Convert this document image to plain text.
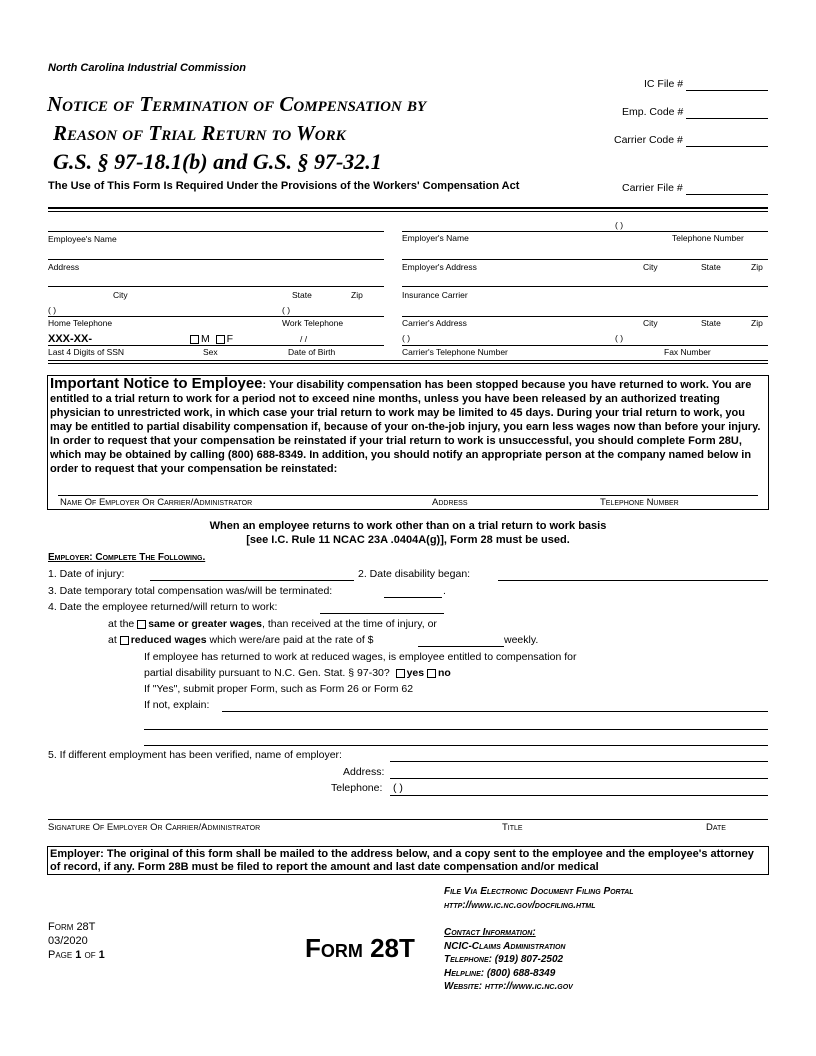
North Carolina Industrial Commission
Notice of Termination of Compensation by
Reason of Trial Return to Work
G.S. § 97-18.1(b) and G.S. § 97-32.1
The Use of This Form Is Required Under the Provisions of the Workers' Compensation Act
IC File #
Emp. Code #
Carrier Code #
Carrier File #
Employee's Name
Address
City	State	Zip
( )	( )
Home Telephone	Work Telephone
XXX-XX-	M F	/ /
Last 4 Digits of SSN	Sex	Date of Birth
( )
Employer's Name	Telephone Number
Employer's Address	City	State	Zip
Insurance Carrier
Carrier's Address	City	State	Zip
( )	( )
Carrier's Telephone Number	Fax Number
Important Notice to Employee: Your disability compensation has been stopped because you have returned to work. You are entitled to a trial return to work for a period not to exceed nine months, unless you have been released by an authorized treating physician to unrestricted work, in which case your trial return to work may be limited to 45 days. During your trial return to work, you may be entitled to partial disability compensation if, because of your on-the-job injury, you earn less wages now than before your injury. In order to request that your compensation be reinstated if your trial return to work is unsuccessful, you should complete Form 28U, which may be obtained by calling (800) 688-8349. In addition, you should notify an appropriate person at the company named below in order to request that your compensation be reinstated:
Name Of Employer Or Carrier/Administrator	Address	Telephone Number
When an employee returns to work other than on a trial return to work basis
[see I.C. Rule 11 NCAC 23A .0404A(g)], Form 28 must be used.
Employer: Complete The Following.
1. Date of injury:	2. Date disability began:
3. Date temporary total compensation was/will be terminated:	.
4. Date the employee returned/will return to work:
at the same or greater wages, than received at the time of injury, or
at reduced wages which were/are paid at the rate of $	weekly.
If employee has returned to work at reduced wages, is employee entitled to compensation for
partial disability pursuant to N.C. Gen. Stat. § 97-30? yes no
If "Yes", submit proper Form, such as Form 26 or Form 62
If not, explain:
5. If different employment has been verified, name of employer:
Address:
Telephone: ( )
Signature Of Employer Or Carrier/Administrator	Title	Date
Employer: The original of this form shall be mailed to the address below, and a copy sent to the employee and the employee's attorney of record, if any. Form 28B must be filed to report the amount and last date compensation and/or medical
Form 28T
03/2020
Page 1 of 1	Form 28T
File Via Electronic Document Filing Portal
http://www.ic.nc.gov/docfiling.html
Contact Information:
NCIC-Claims Administration
Telephone: (919) 807-2502
Helpline: (800) 688-8349
Website: http://www.ic.nc.gov
